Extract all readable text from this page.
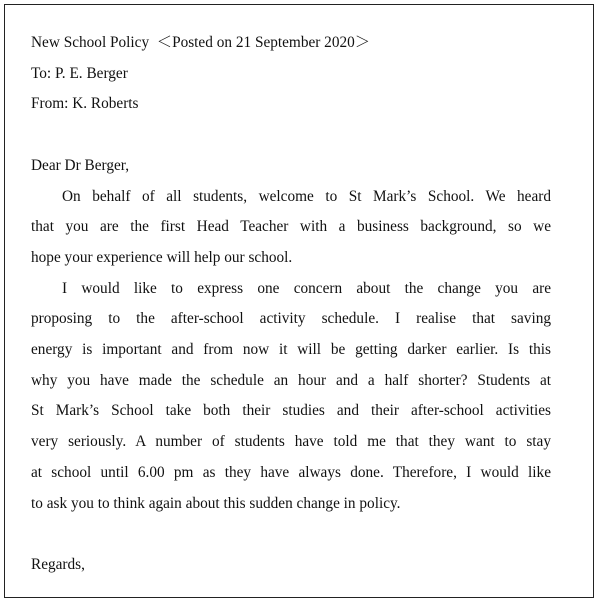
New School Policy ＜Posted on 21 September 2020＞
To: P. E. Berger
From: K. Roberts
Dear Dr Berger,
On behalf of all students, welcome to St Mark’s School. We heard
that you are the first Head Teacher with a business background, so we
hope your experience will help our school.
I would like to express one concern about the change you are
proposing to the after-school activity schedule. I realise that saving
energy is important and from now it will be getting darker earlier. Is this
why you have made the schedule an hour and a half shorter? Students at
St Mark’s School take both their studies and their after-school activities
very seriously. A number of students have told me that they want to stay
at school until 6.00 pm as they have always done. Therefore, I would like
to ask you to think again about this sudden change in policy.
Regards,
